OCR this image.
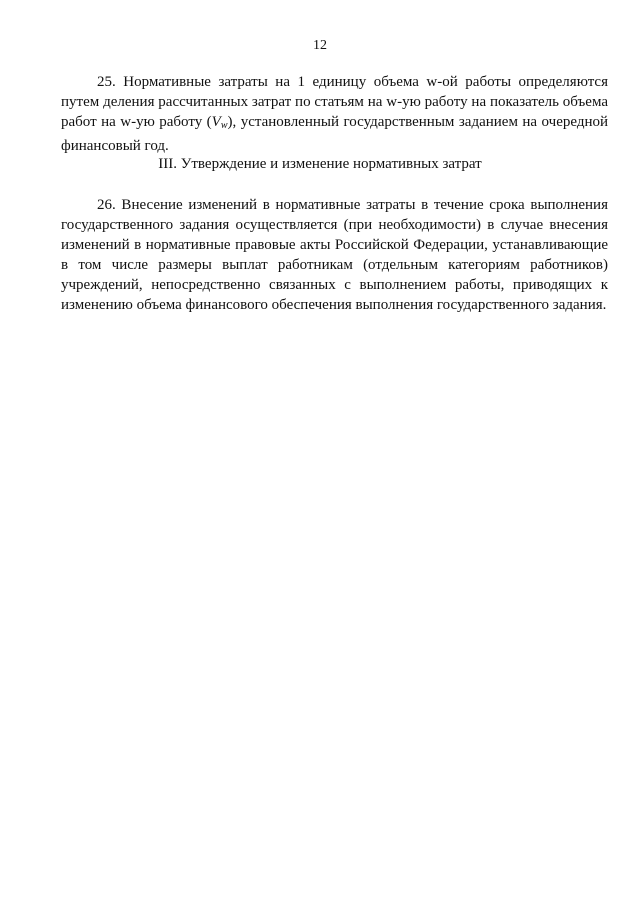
12

25. Нормативные затраты на 1 единицу объема w-ой работы определяются путем деления рассчитанных затрат по статьям на w-ую работу на показатель объема работ на w-ую работу $(V_w)$, установленный государственным заданием на очередной финансовый год.

III. Утверждение и изменение нормативных затрат

26. Внесение изменений в нормативные затраты в течение срока выполнения государственного задания осуществляется (при необходимости) в случае внесения изменений в нормативные правовые акты Российской Федерации, устанавливающие в том числе размеры выплат работникам (отдельным категориям работников) учреждений, непосредственно связанных с выполнением работы, приводящих к изменению объема финансового обеспечения выполнения государственного задания.
